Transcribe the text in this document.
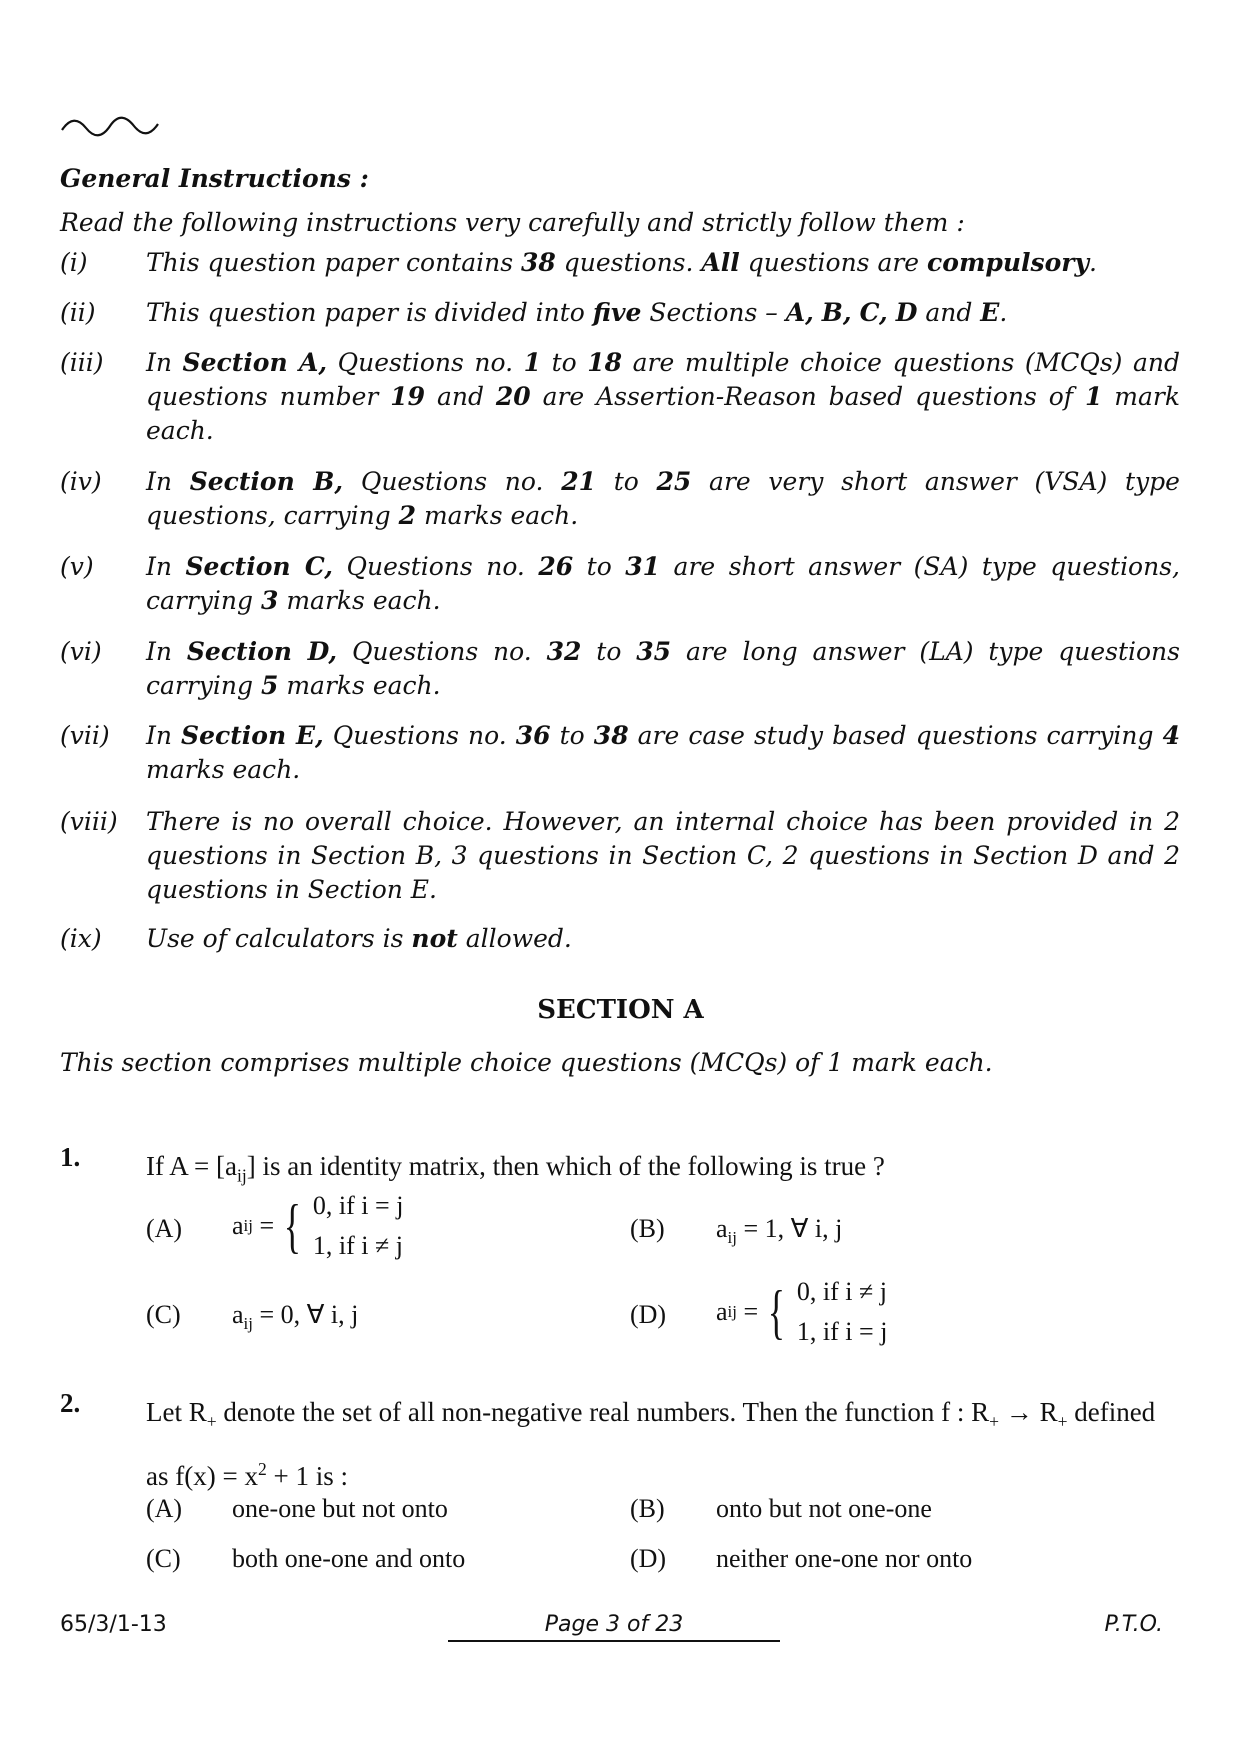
General Instructions :
Read the following instructions very carefully and strictly follow them :
(i) This question paper contains 38 questions. All questions are compulsory.
(ii) This question paper is divided into five Sections – A, B, C, D and E.
(iii) In Section A, Questions no. 1 to 18 are multiple choice questions (MCQs) and questions number 19 and 20 are Assertion-Reason based questions of 1 mark each.
(iv) In Section B, Questions no. 21 to 25 are very short answer (VSA) type questions, carrying 2 marks each.
(v) In Section C, Questions no. 26 to 31 are short answer (SA) type questions, carrying 3 marks each.
(vi) In Section D, Questions no. 32 to 35 are long answer (LA) type questions carrying 5 marks each.
(vii) In Section E, Questions no. 36 to 38 are case study based questions carrying 4 marks each.
(viii) There is no overall choice. However, an internal choice has been provided in 2 questions in Section B, 3 questions in Section C, 2 questions in Section D and 2 questions in Section E.
(ix) Use of calculators is not allowed.
SECTION A
This section comprises multiple choice questions (MCQs) of 1 mark each.
1. If $A = [a_{ij}]$ is an identity matrix, then which of the following is true ?
(A) a ij = { 0, if i = j
1, if i ≠ j
(B) $a_{ij} = 1$, ∀ i, j
(C) $a_{ij} = 0$, ∀ i, j	(D) a ij = { 0, if i ≠ j
1, if i = j
2. Let $R_+$ denote the set of all non-negative real numbers. Then the function f : $R_+ \to R_+$ defined as $f(x) = x^2 + 1$ is :
(A) one-one but not onto	(B) onto but not one-one
(C) both one-one and onto	(D) neither one-one nor onto
65/3/1-13	Page 3 of 23	P.T.O.
